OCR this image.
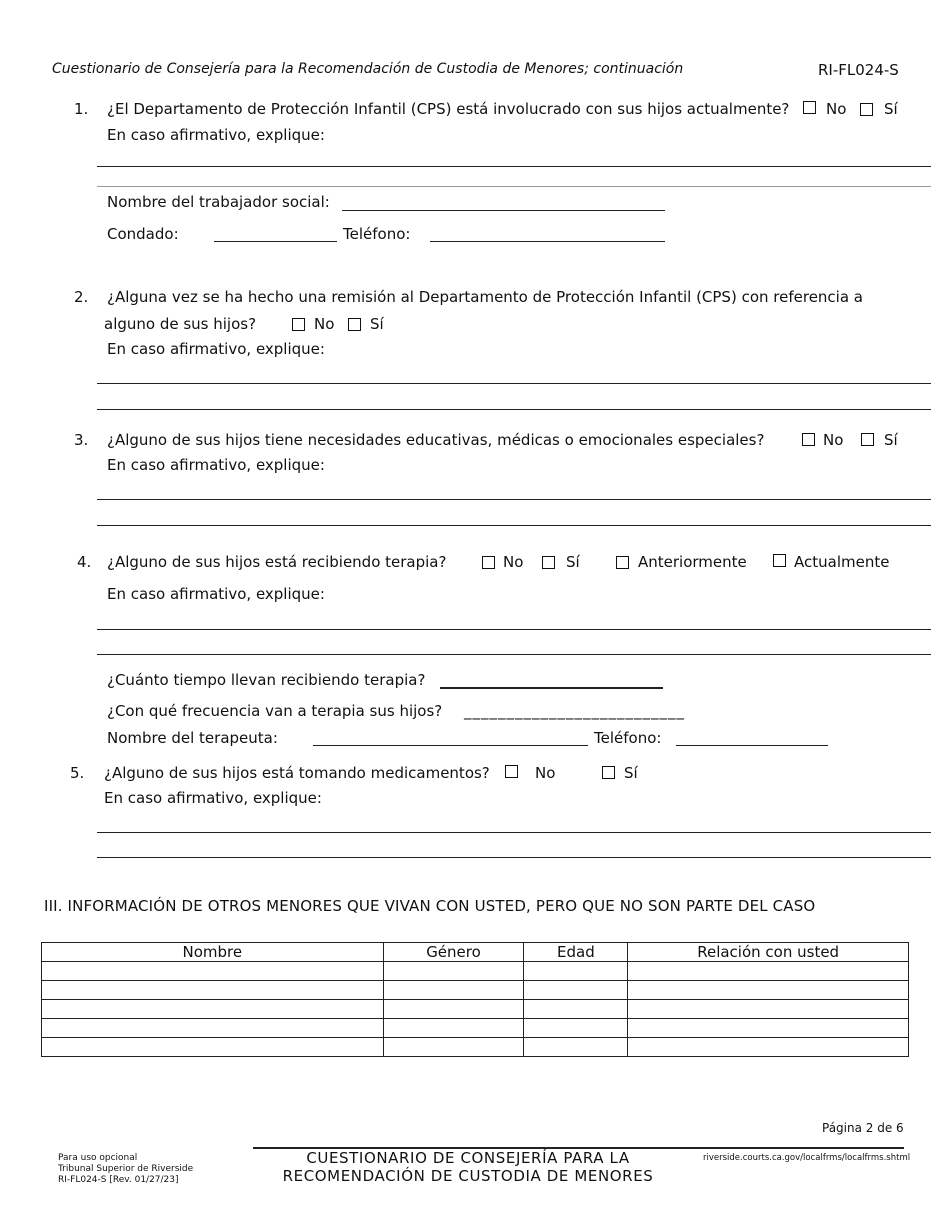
Cuestionario de Consejería para la Recomendación de Custodia de Menores; continuación	RI-FL024-S
1. ¿El Departamento de Protección Infantil (CPS) está involucrado con sus hijos actualmente? No	Sí
En caso afirmativo, explique:
Nombre del trabajador social:
Condado:	Teléfono:
2. ¿Alguna vez se ha hecho una remisión al Departamento de Protección Infantil (CPS) con referencia a
alguno de sus hijos?	No Sí
En caso afirmativo, explique:
3. ¿Alguno de sus hijos tiene necesidades educativas, médicas o emocionales especiales?	No	Sí
En caso afirmativo, explique:
4. ¿Alguno de sus hijos está recibiendo terapia?	No	Sí	Anteriormente	Actualmente
En caso afirmativo, explique:
¿Cuánto tiempo llevan recibiendo terapia?
¿Con qué frecuencia van a terapia sus hijos? __________________________
Nombre del terapeuta:	Teléfono:
5. ¿Alguno de sus hijos está tomando medicamentos?	No	Sí
En caso afirmativo, explique:
III. INFORMACIÓN DE OTROS MENORES QUE VIVAN CON USTED, PERO QUE NO SON PARTE DEL CASO
Nombre	Género	Edad	Relación con usted

Página 2 de 6
Para uso opcional
Tribunal Superior de Riverside
RI-FL024-S [Rev. 01/27/23]
CUESTIONARIO DE CONSEJERÍA PARA LA
RECOMENDACIÓN DE CUSTODIA DE MENORES
riverside.courts.ca.gov/localfrms/localfrms.shtml
